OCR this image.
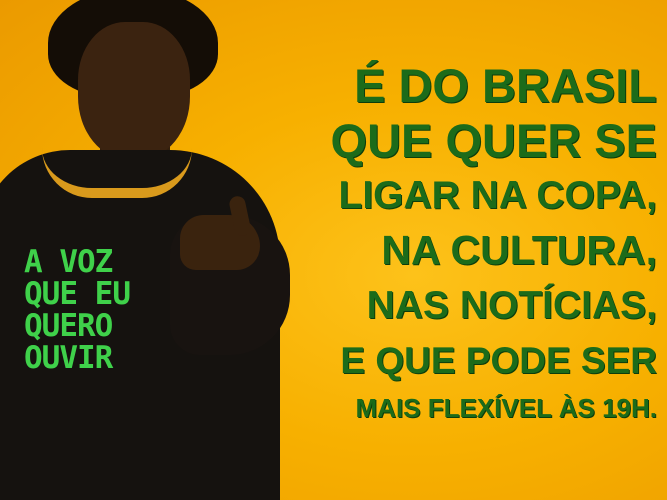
A VOZ
QUE EU
QUERO
OUVIR
É DO BRASIL
QUE QUER SE
LIGAR NA COPA,
NA CULTURA,
NAS NOTÍCIAS,
E QUE PODE SER
MAIS FLEXÍVEL ÀS 19H.
